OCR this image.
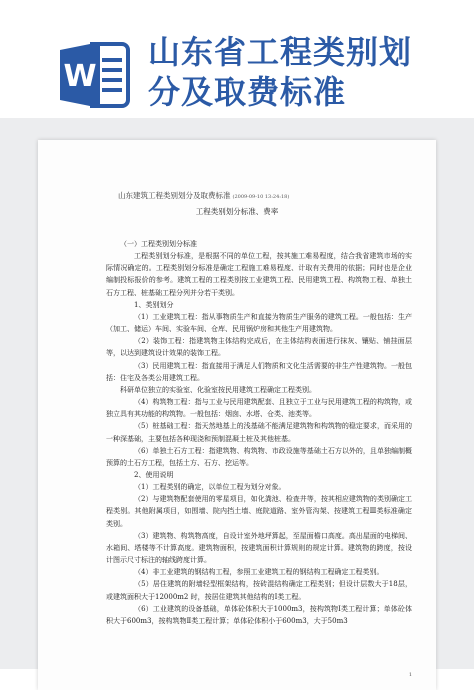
W
山东省工程类别划
分及取费标准
山东建筑工程类别划分及取费标准 (2009-09-10 13:24:18)
工程类别划分标准、费率

（一）工程类别划分标准

工程类别划分标准，是根据不同的单位工程，按其施工难易程度，结合我省建筑市场的实际情况确定的。工程类别划分标准是确定工程施工难易程度、计取有关费用的依据；同时也是企业编制投标报价的参考。建筑工程的工程类别按工业建筑工程、民用建筑工程、构筑物工程、单独土石方工程、桩基础工程分列并分若干类别。

1、类别划分

（1）工业建筑工程：指从事物质生产和直接为物质生产服务的建筑工程。一般包括：生产（加工、储运）车间、实验车间、仓库、民用锅炉房和其他生产用建筑物。

（2）装饰工程：指建筑物主体结构完成后，在主体结构表面进行抹灰、镶贴、铺挂面层等，以达到建筑设计效果的装饰工程。

（3）民用建筑工程：指直接用于满足人们物质和文化生活需要的非生产性建筑物。一般包括：住宅及各类公用建筑工程。

科研单位独立的实验室、化验室按民用建筑工程确定工程类别。

（4）构筑物工程：指与工业与民用建筑配套、且独立于工业与民用建筑工程的构筑物，或独立具有其功能的构筑物。一般包括：烟囱、水塔、仓类、池类等。

（5）桩基础工程：指天然地基上的浅基础不能满足建筑物和构筑物的稳定要求，而采用的一种深基础，主要包括各种现浇和预制混凝土桩及其他桩基。

（6）单独土石方工程：指建筑物、构筑物、市政设施等基础土石方以外的，且单独编制概预算的土石方工程，包括土方、石方、挖运等。

2、使用说明

（1）工程类别的确定，以单位工程为划分对象。

（2）与建筑物配套使用的零星项目，如化粪池、检查井等，按其相应建筑物的类别确定工程类别。其他附属项目，如围墙、院内挡土墙、庭院道路、室外管沟架、按建筑工程Ⅲ类标准确定类别。

（3）建筑物、构筑物高度，自设计室外地坪算起，至屋面檐口高度。高出屋面的电梯间、水箱间、塔楼等不计算高度。建筑物面积，按建筑面积计算规则的规定计算。建筑物的跨度，按设计图示尺寸标注的轴线跨度计算。

（4）非工业建筑的钢结构工程，参照工业建筑工程的钢结构工程确定工程类别。

（5）居住建筑的附墙轻型框架结构，按砖混结构确定工程类别；但设计层数大于18层，或建筑面积大于12000m2 时，按居住建筑其他结构的Ⅰ类工程。

（6）工业建筑的设备基础，单体砼体积大于1000m3，按构筑物Ⅰ类工程计算；单体砼体积大于600m3，按构筑物Ⅱ类工程计算；单体砼体积小于600m3，大于50m3

1
